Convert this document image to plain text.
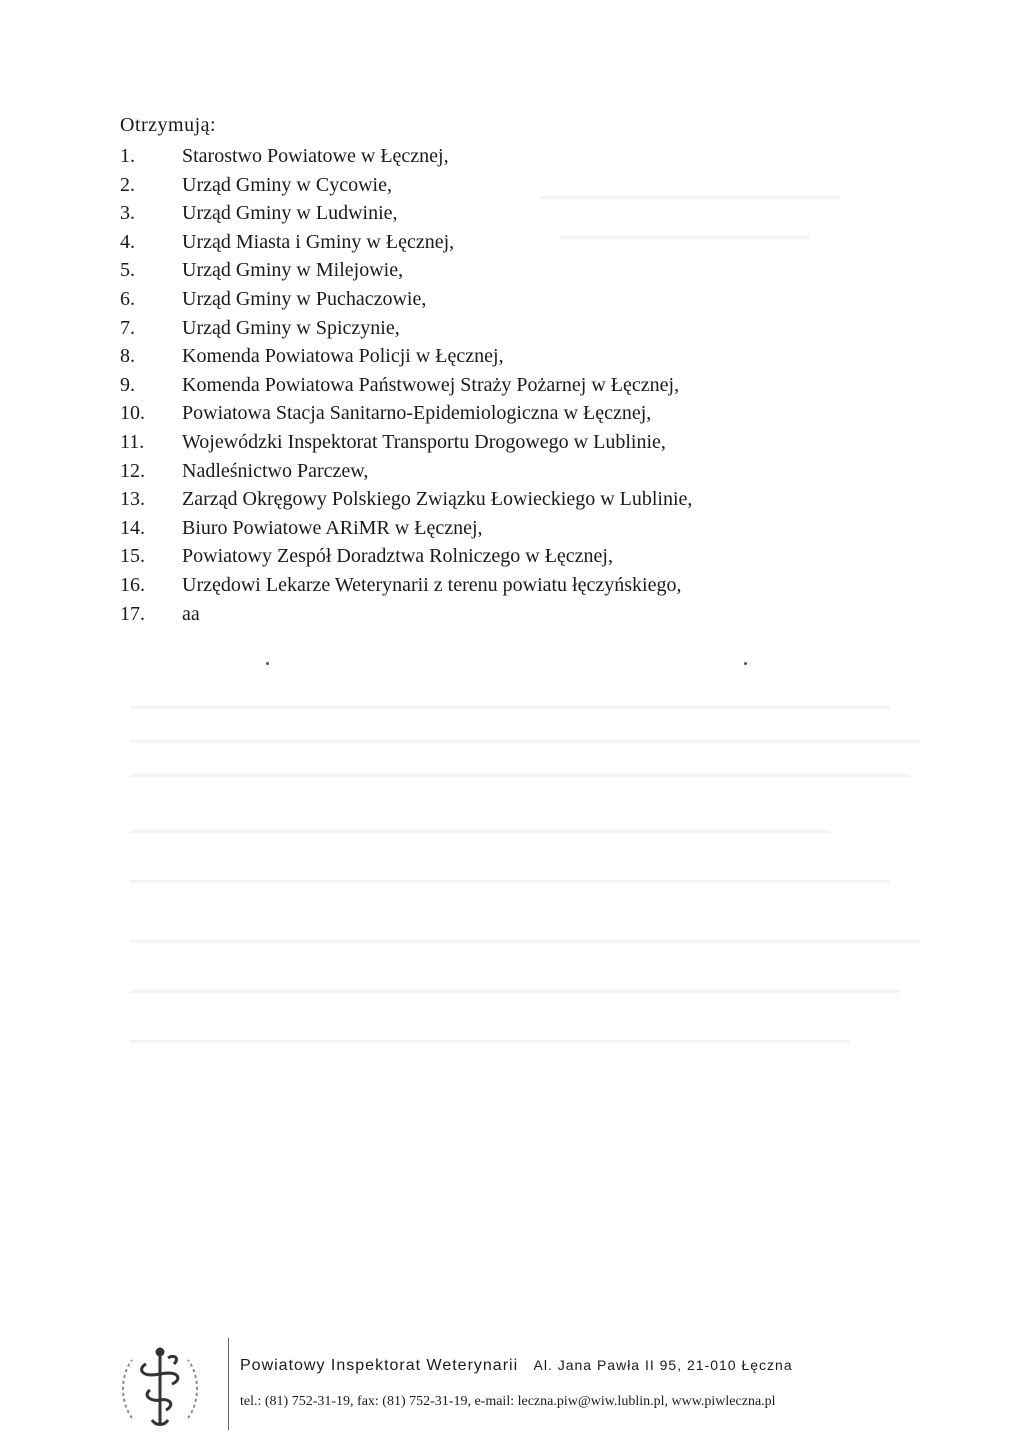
Otrzymują:
1.	Starostwo Powiatowe w Łęcznej,
2.	Urząd Gminy w Cycowie,
3.	Urząd Gminy w Ludwinie,
4.	Urząd Miasta i Gminy w Łęcznej,
5.	Urząd Gminy w Milejowie,
6.	Urząd Gminy w Puchaczowie,
7.	Urząd Gminy w Spiczynie,
8.	Komenda Powiatowa Policji w Łęcznej,
9.	Komenda Powiatowa Państwowej Straży Pożarnej w Łęcznej,
10.	Powiatowa Stacja Sanitarno-Epidemiologiczna w Łęcznej,
11.	Wojewódzki Inspektorat Transportu Drogowego w Lublinie,
12.	Nadleśnictwo Parczew,
13.	Zarząd Okręgowy Polskiego Związku Łowieckiego w Lublinie,
14.	Biuro Powiatowe ARiMR w Łęcznej,
15.	Powiatowy Zespół Doradztwa Rolniczego w Łęcznej,
16.	Urzędowi Lekarze Weterynarii z terenu powiatu łęczyńskiego,
17.	aa
Powiatowy Inspektorat Weterynarii Al. Jana Pawła II 95, 21-010 Łęczna
tel.: (81) 752-31-19, fax: (81) 752-31-19, e-mail: leczna.piw@wiw.lublin.pl, www.piwleczna.pl
